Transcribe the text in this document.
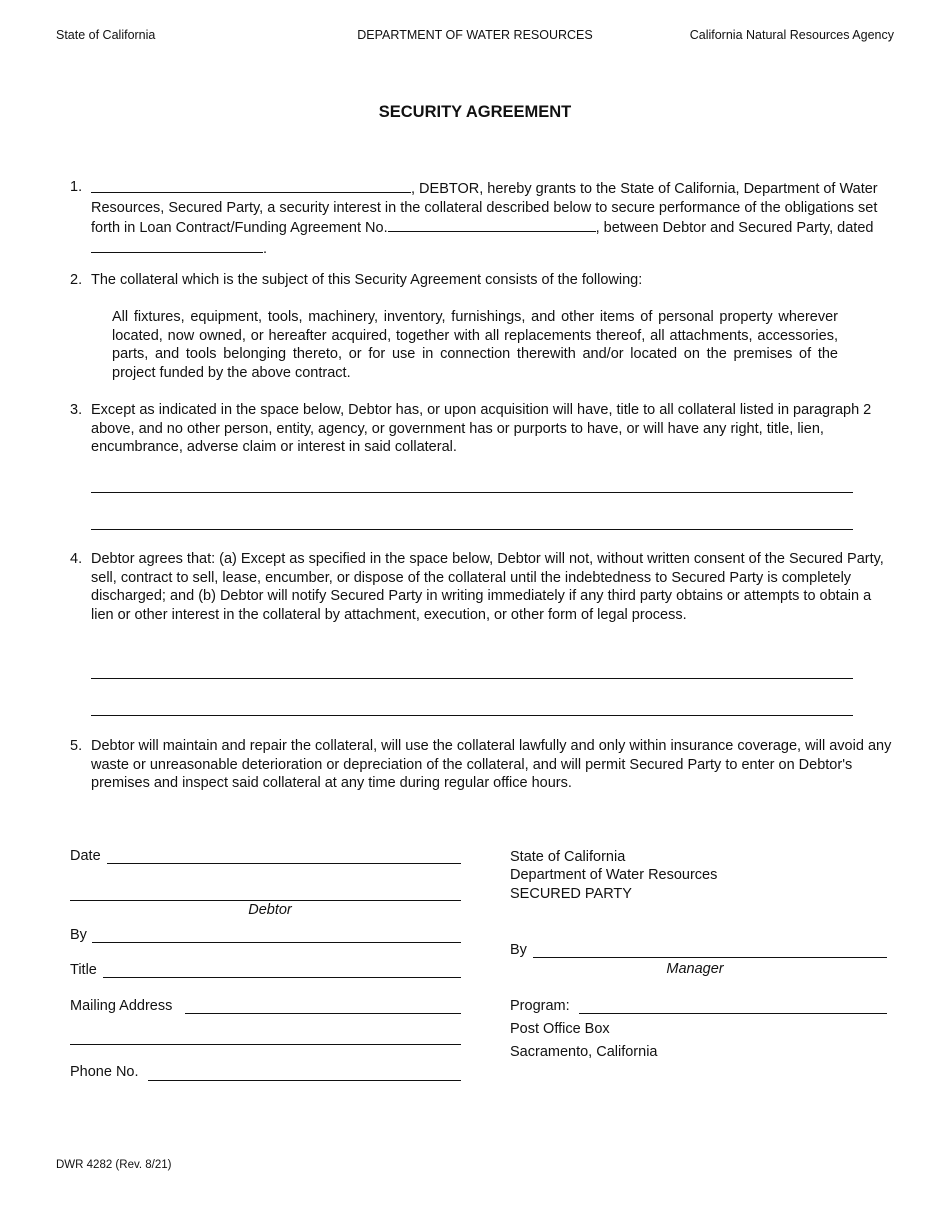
State of California	DEPARTMENT OF WATER RESOURCES	California Natural Resources Agency
SECURITY AGREEMENT
1.	, DEBTOR, hereby grants to the State of California, Department of Water Resources, Secured Party, a security interest in the collateral described below to secure performance of the obligations set forth in Loan Contract/Funding Agreement No.	, between Debtor and Secured Party, dated .
2. The collateral which is the subject of this Security Agreement consists of the following:
All fixtures, equipment, tools, machinery, inventory, furnishings, and other items of personal property wherever located, now owned, or hereafter acquired, together with all replacements thereof, all attachments, accessories, parts, and tools belonging thereto, or for use in connection therewith and/or located on the premises of the project funded by the above contract.
3. Except as indicated in the space below, Debtor has, or upon acquisition will have, title to all collateral listed in paragraph 2 above, and no other person, entity, agency, or government has or purports to have, or will have any right, title, lien, encumbrance, adverse claim or interest in said collateral.
4. Debtor agrees that: (a) Except as specified in the space below, Debtor will not, without written consent of the Secured Party, sell, contract to sell, lease, encumber, or dispose of the collateral until the indebtedness to Secured Party is completely discharged; and (b) Debtor will notify Secured Party in writing immediately if any third party obtains or attempts to obtain a lien or other interest in the collateral by attachment, execution, or other form of legal process.
5. Debtor will maintain and repair the collateral, will use the collateral lawfully and only within insurance coverage, will avoid any waste or unreasonable deterioration or depreciation of the collateral, and will permit Secured Party to enter on Debtor's premises and inspect said collateral at any time during regular office hours.
Date
Debtor
By
Title
Mailing Address
Phone No.
State of California
Department of Water Resources
SECURED PARTY
By
Manager
Program:
Post Office Box
Sacramento, California
DWR 4282 (Rev. 8/21)
